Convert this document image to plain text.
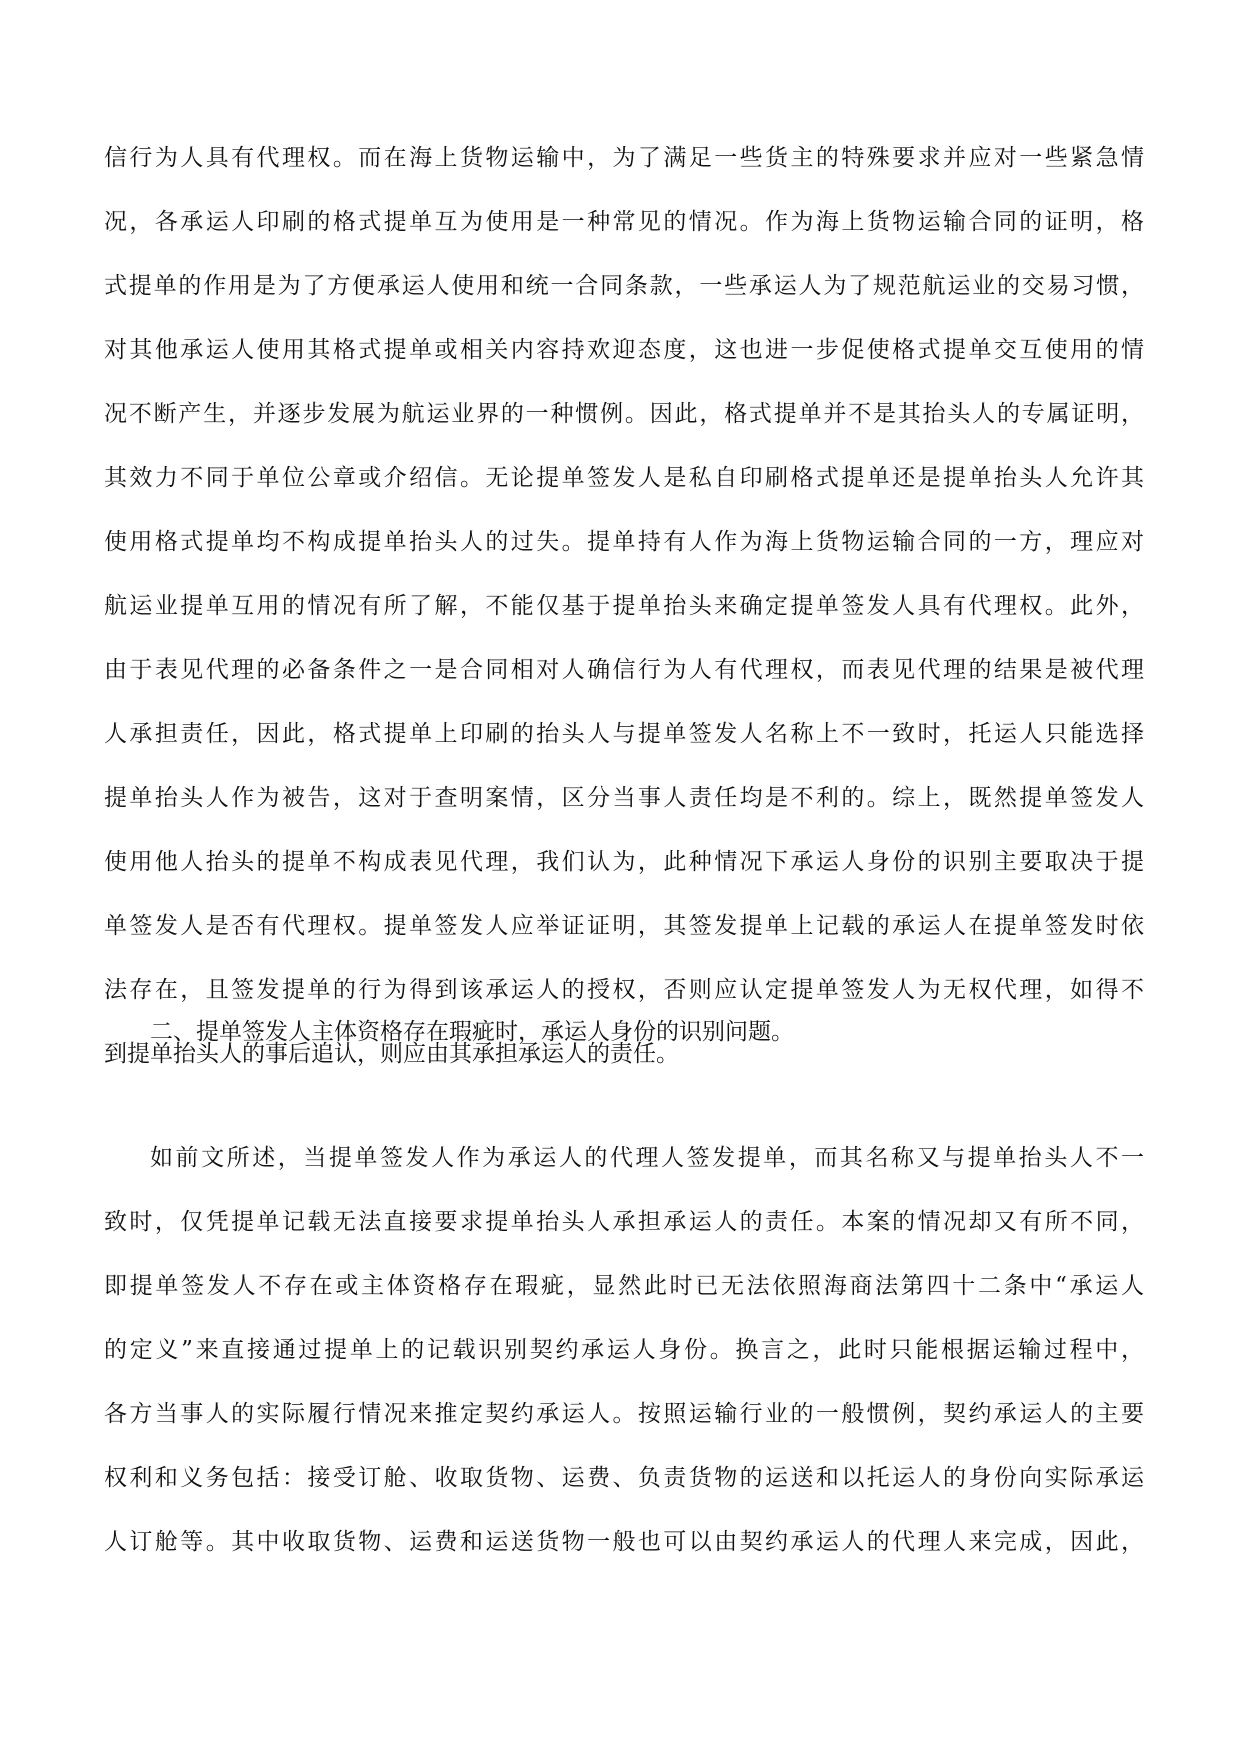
信行为人具有代理权。而在海上货物运输中，为了满足一些货主的特殊要求并应对一些紧急情
况，各承运人印刷的格式提单互为使用是一种常见的情况。作为海上货物运输合同的证明，格
式提单的作用是为了方便承运人使用和统一合同条款，一些承运人为了规范航运业的交易习惯，
对其他承运人使用其格式提单或相关内容持欢迎态度，这也进一步促使格式提单交互使用的情
况不断产生，并逐步发展为航运业界的一种惯例。因此，格式提单并不是其抬头人的专属证明，
其效力不同于单位公章或介绍信。无论提单签发人是私自印刷格式提单还是提单抬头人允许其
使用格式提单均不构成提单抬头人的过失。提单持有人作为海上货物运输合同的一方，理应对
航运业提单互用的情况有所了解，不能仅基于提单抬头来确定提单签发人具有代理权。此外，
由于表见代理的必备条件之一是合同相对人确信行为人有代理权，而表见代理的结果是被代理
人承担责任，因此，格式提单上印刷的抬头人与提单签发人名称上不一致时，托运人只能选择
提单抬头人作为被告，这对于查明案情，区分当事人责任均是不利的。综上，既然提单签发人
使用他人抬头的提单不构成表见代理，我们认为，此种情况下承运人身份的识别主要取决于提
单签发人是否有代理权。提单签发人应举证证明，其签发提单上记载的承运人在提单签发时依
法存在，且签发提单的行为得到该承运人的授权，否则应认定提单签发人为无权代理，如得不
到提单抬头人的事后追认，则应由其承担承运人的责任。
二、提单签发人主体资格存在瑕疵时，承运人身份的识别问题。
如前文所述，当提单签发人作为承运人的代理人签发提单，而其名称又与提单抬头人不一
致时，仅凭提单记载无法直接要求提单抬头人承担承运人的责任。本案的情况却又有所不同，
即提单签发人不存在或主体资格存在瑕疵，显然此时已无法依照海商法第四十二条中“承运人
的定义”来直接通过提单上的记载识别契约承运人身份。换言之，此时只能根据运输过程中，
各方当事人的实际履行情况来推定契约承运人。按照运输行业的一般惯例，契约承运人的主要
权利和义务包括：接受订舱、收取货物、运费、负责货物的运送和以托运人的身份向实际承运
人订舱等。其中收取货物、运费和运送货物一般也可以由契约承运人的代理人来完成，因此，
